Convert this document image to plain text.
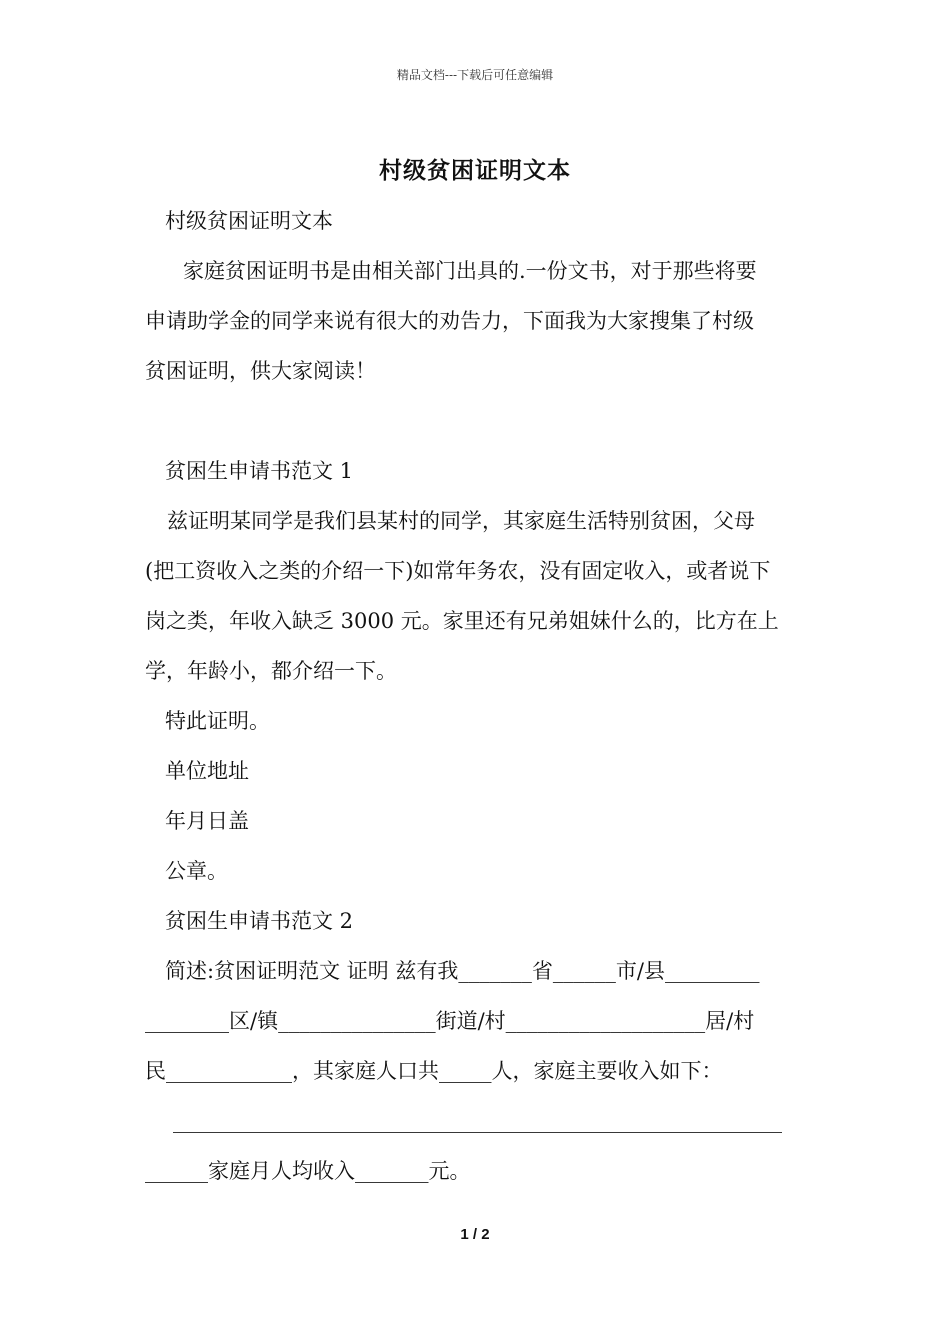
精品文档---下载后可任意编辑
村级贫困证明文本
村级贫困证明文本
家庭贫困证明书是由相关部门出具的.一份文书，对于那些将要
申请助学金的同学来说有很大的劝告力，下面我为大家搜集了村级
贫困证明，供大家阅读！
贫困生申请书范文 1
兹证明某同学是我们县某村的同学，其家庭生活特别贫困，父母
(把工资收入之类的介绍一下)如常年务农，没有固定收入，或者说下
岗之类，年收入缺乏 3000 元。家里还有兄弟姐妹什么的，比方在上
学，年龄小，都介绍一下。
特此证明。
单位地址
年月日盖
公章。
贫困生申请书范文 2
简述:贫困证明范文 证明 兹有我_______省______市/县_________
________区/镇_______________街道/村___________________居/村
民____________，其家庭人口共_____人，家庭主要收入如下：
__________________________________________________________
______家庭月人均收入_______元。
1 / 2
